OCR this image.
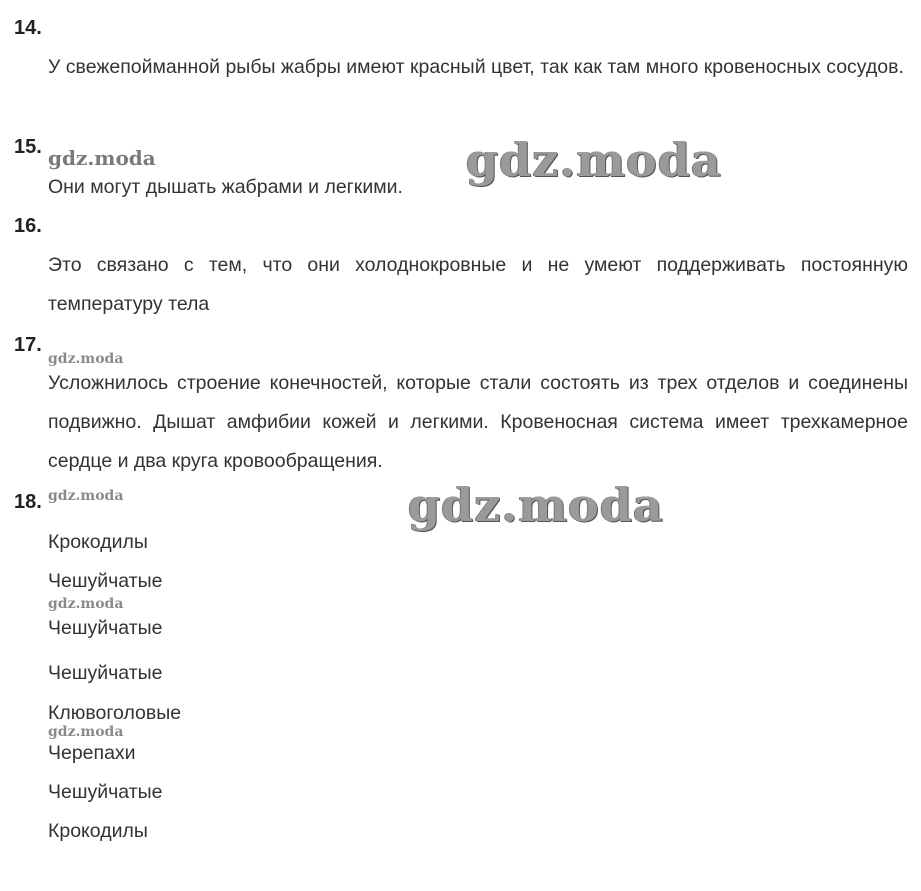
14.
У свежепойманной рыбы жабры имеют красный цвет, так как там много кровеносных сосудов.
15. gdz.moda
Они могут дышать жабрами и легкими. gdz.moda
16.
Это связано с тем, что они холоднокровные и не умеют поддерживать постоянную температуру тела
17.
gdz.moda
Усложнилось строение конечностей, которые стали состоять из трех отделов и соединены подвижно. Дышат амфибии кожей и легкими. Кровеносная система имеет трехкамерное сердце и два круга кровообращения.
18. gdz.moda	gdz.moda
Крокодилы
Чешуйчатые
gdz.moda
Чешуйчатые
Чешуйчатые
Клювоголовые
gdz.moda
Черепахи
Чешуйчатые
Крокодилы
